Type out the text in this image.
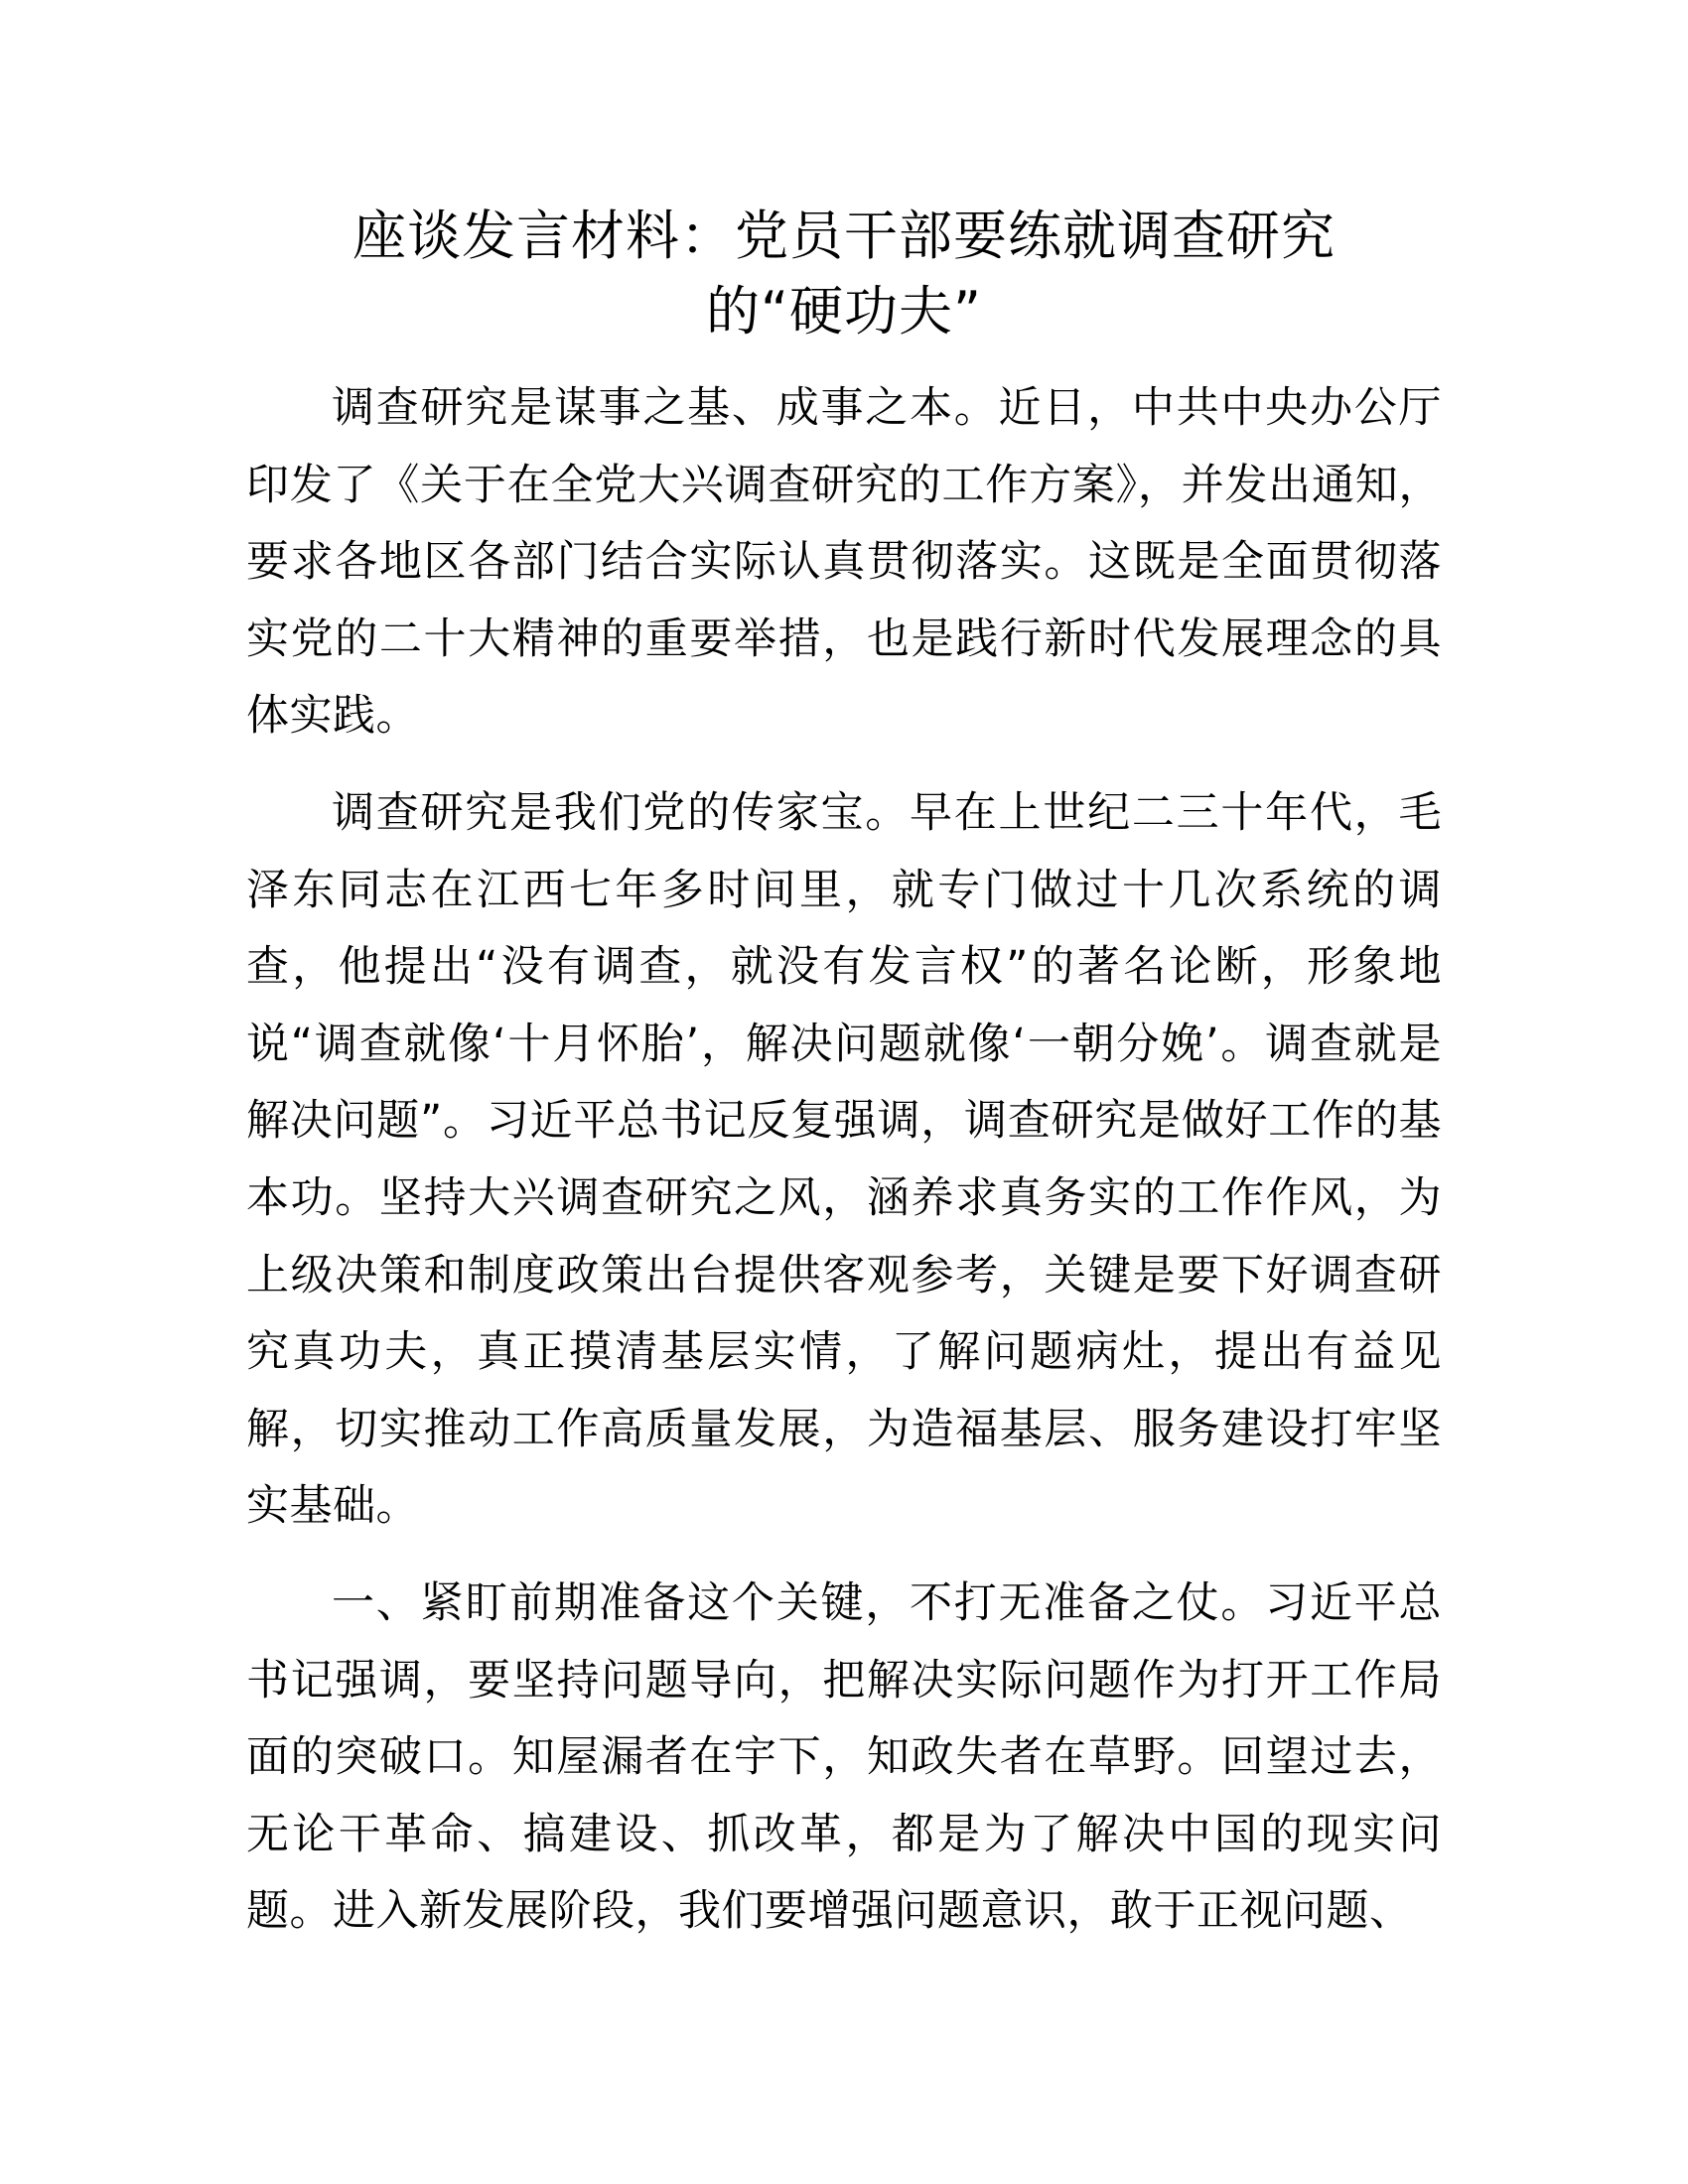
座谈发言材料：党员干部要练就调查研究
的“硬功夫”

调查研究是谋事之基、成事之本。近日，中共中央办公厅印发了《关于在全党大兴调查研究的工作方案》，并发出通知，要求各地区各部门结合实际认真贯彻落实。这既是全面贯彻落实党的二十大精神的重要举措，也是践行新时代发展理念的具体实践。

调查研究是我们党的传家宝。早在上世纪二三十年代，毛泽东同志在江西七年多时间里，就专门做过十几次系统的调查，他提出“没有调查，就没有发言权”的著名论断，形象地说“调查就像‘十月怀胎’，解决问题就像‘一朝分娩’。调查就是解决问题”。习近平总书记反复强调，调查研究是做好工作的基本功。坚持大兴调查研究之风，涵养求真务实的工作作风，为上级决策和制度政策出台提供客观参考，关键是要下好调查研究真功夫，真正摸清基层实情，了解问题病灶，提出有益见解，切实推动工作高质量发展，为造福基层、服务建设打牢坚实基础。

一、紧盯前期准备这个关键，不打无准备之仗。习近平总书记强调，要坚持问题导向，把解决实际问题作为打开工作局面的突破口。知屋漏者在宇下，知政失者在草野。回望过去，无论干革命、搞建设、抓改革，都是为了解决中国的现实问题。进入新发展阶段，我们要增强问题意识，敢于正视问题、
